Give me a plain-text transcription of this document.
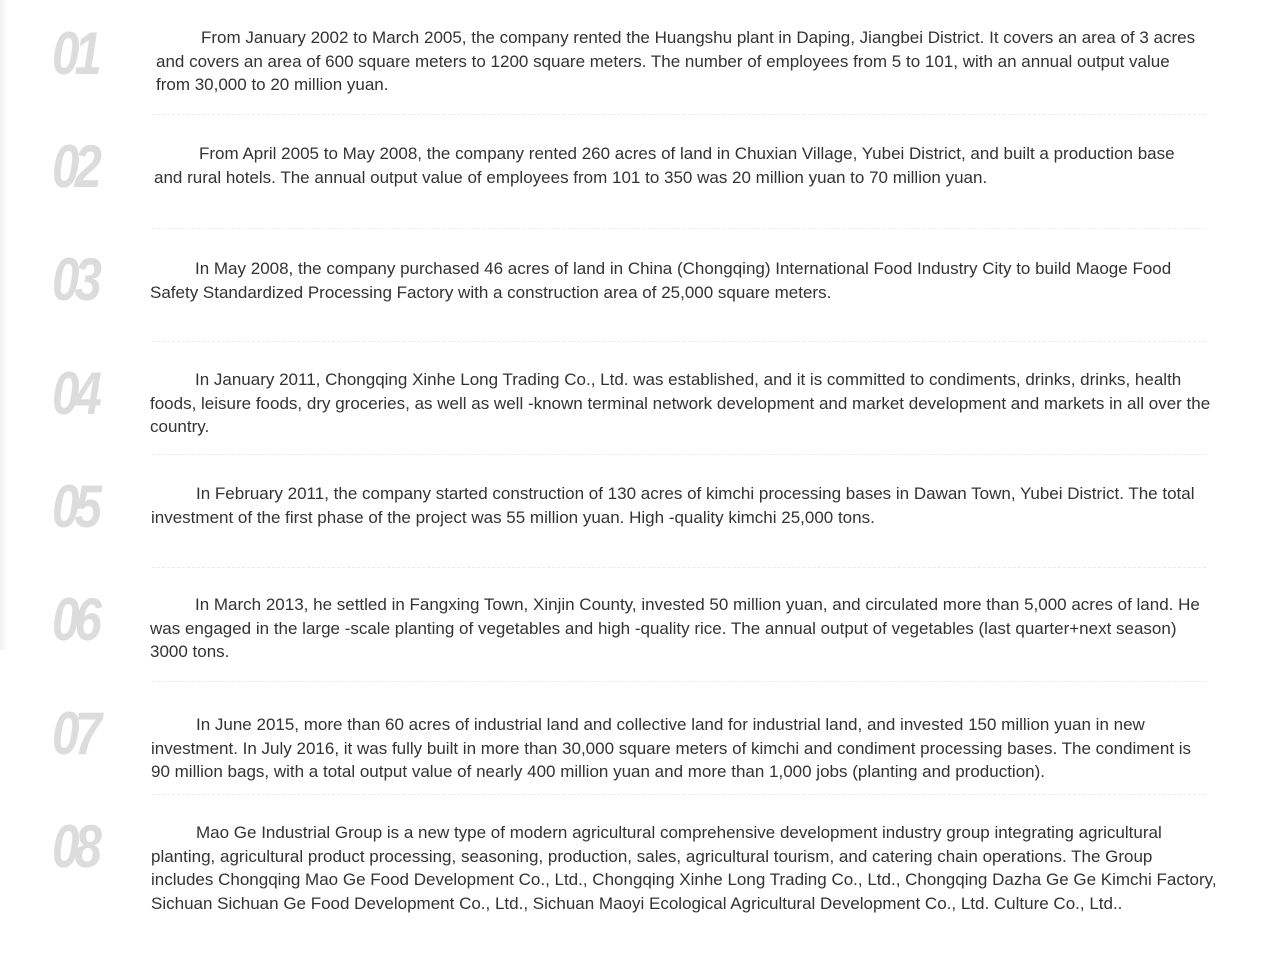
01	From January 2002 to March 2005, the company rented the Huangshu plant in Daping, Jiangbei District. It covers an area of 3 acres and covers an area of 600 square meters to 1200 square meters. The number of employees from 5 to 101, with an annual output value from 30,000 to 20 million yuan.
02	From April 2005 to May 2008, the company rented 260 acres of land in Chuxian Village, Yubei District, and built a production base and rural hotels. The annual output value of employees from 101 to 350 was 20 million yuan to 70 million yuan.
03	In May 2008, the company purchased 46 acres of land in China (Chongqing) International Food Industry City to build Maoge Food Safety Standardized Processing Factory with a construction area of 25,000 square meters.
04	In January 2011, Chongqing Xinhe Long Trading Co., Ltd. was established, and it is committed to condiments, drinks, drinks, health foods, leisure foods, dry groceries, as well as well -known terminal network development and market development and markets in all over the country.
05	In February 2011, the company started construction of 130 acres of kimchi processing bases in Dawan Town, Yubei District. The total investment of the first phase of the project was 55 million yuan. High -quality kimchi 25,000 tons.
06	In March 2013, he settled in Fangxing Town, Xinjin County, invested 50 million yuan, and circulated more than 5,000 acres of land. He was engaged in the large -scale planting of vegetables and high -quality rice. The annual output of vegetables (last quarter+next season) 3000 tons.
07	In June 2015, more than 60 acres of industrial land and collective land for industrial land, and invested 150 million yuan in new investment. In July 2016, it was fully built in more than 30,000 square meters of kimchi and condiment processing bases. The condiment is 90 million bags, with a total output value of nearly 400 million yuan and more than 1,000 jobs (planting and production).
08	Mao Ge Industrial Group is a new type of modern agricultural comprehensive development industry group integrating agricultural planting, agricultural product processing, seasoning, production, sales, agricultural tourism, and catering chain operations. The Group includes Chongqing Mao Ge Food Development Co., Ltd., Chongqing Xinhe Long Trading Co., Ltd., Chongqing Dazha Ge Ge Kimchi Factory, Sichuan Sichuan Ge Food Development Co., Ltd., Sichuan Maoyi Ecological Agricultural Development Co., Ltd. Culture Co., Ltd..
